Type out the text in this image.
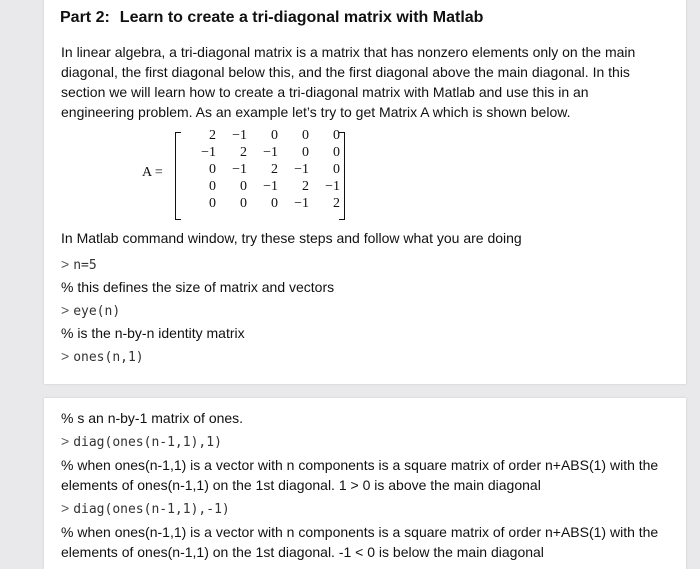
Part 2: Learn to create a tri-diagonal matrix with Matlab
In linear algebra, a tri-diagonal matrix is a matrix that has nonzero elements only on the main
diagonal, the first diagonal below this, and the first diagonal above the main diagonal. In this
section we will learn how to create a tri-diagonal matrix with Matlab and use this in an
engineering problem. As an example let’s try to get Matrix A which is shown below.
A =
2	−1	0	0	0
−1	2	−1	0	0
0	−1	2	−1	0
0	0	−1	2	−1
0	0	0	−1	2
In Matlab command window, try these steps and follow what you are doing
> n=5
% this defines the size of matrix and vectors
> eye(n)
% is the n-by-n identity matrix
> ones(n,1)
% s an n-by-1 matrix of ones.
> diag(ones(n-1,1),1)
% when ones(n-1,1) is a vector with n components is a square matrix of order n+ABS(1) with the
elements of ones(n-1,1) on the 1st diagonal. 1 > 0 is above the main diagonal
> diag(ones(n-1,1),-1)
% when ones(n-1,1) is a vector with n components is a square matrix of order n+ABS(1) with the
elements of ones(n-1,1) on the 1st diagonal. -1 < 0 is below the main diagonal
